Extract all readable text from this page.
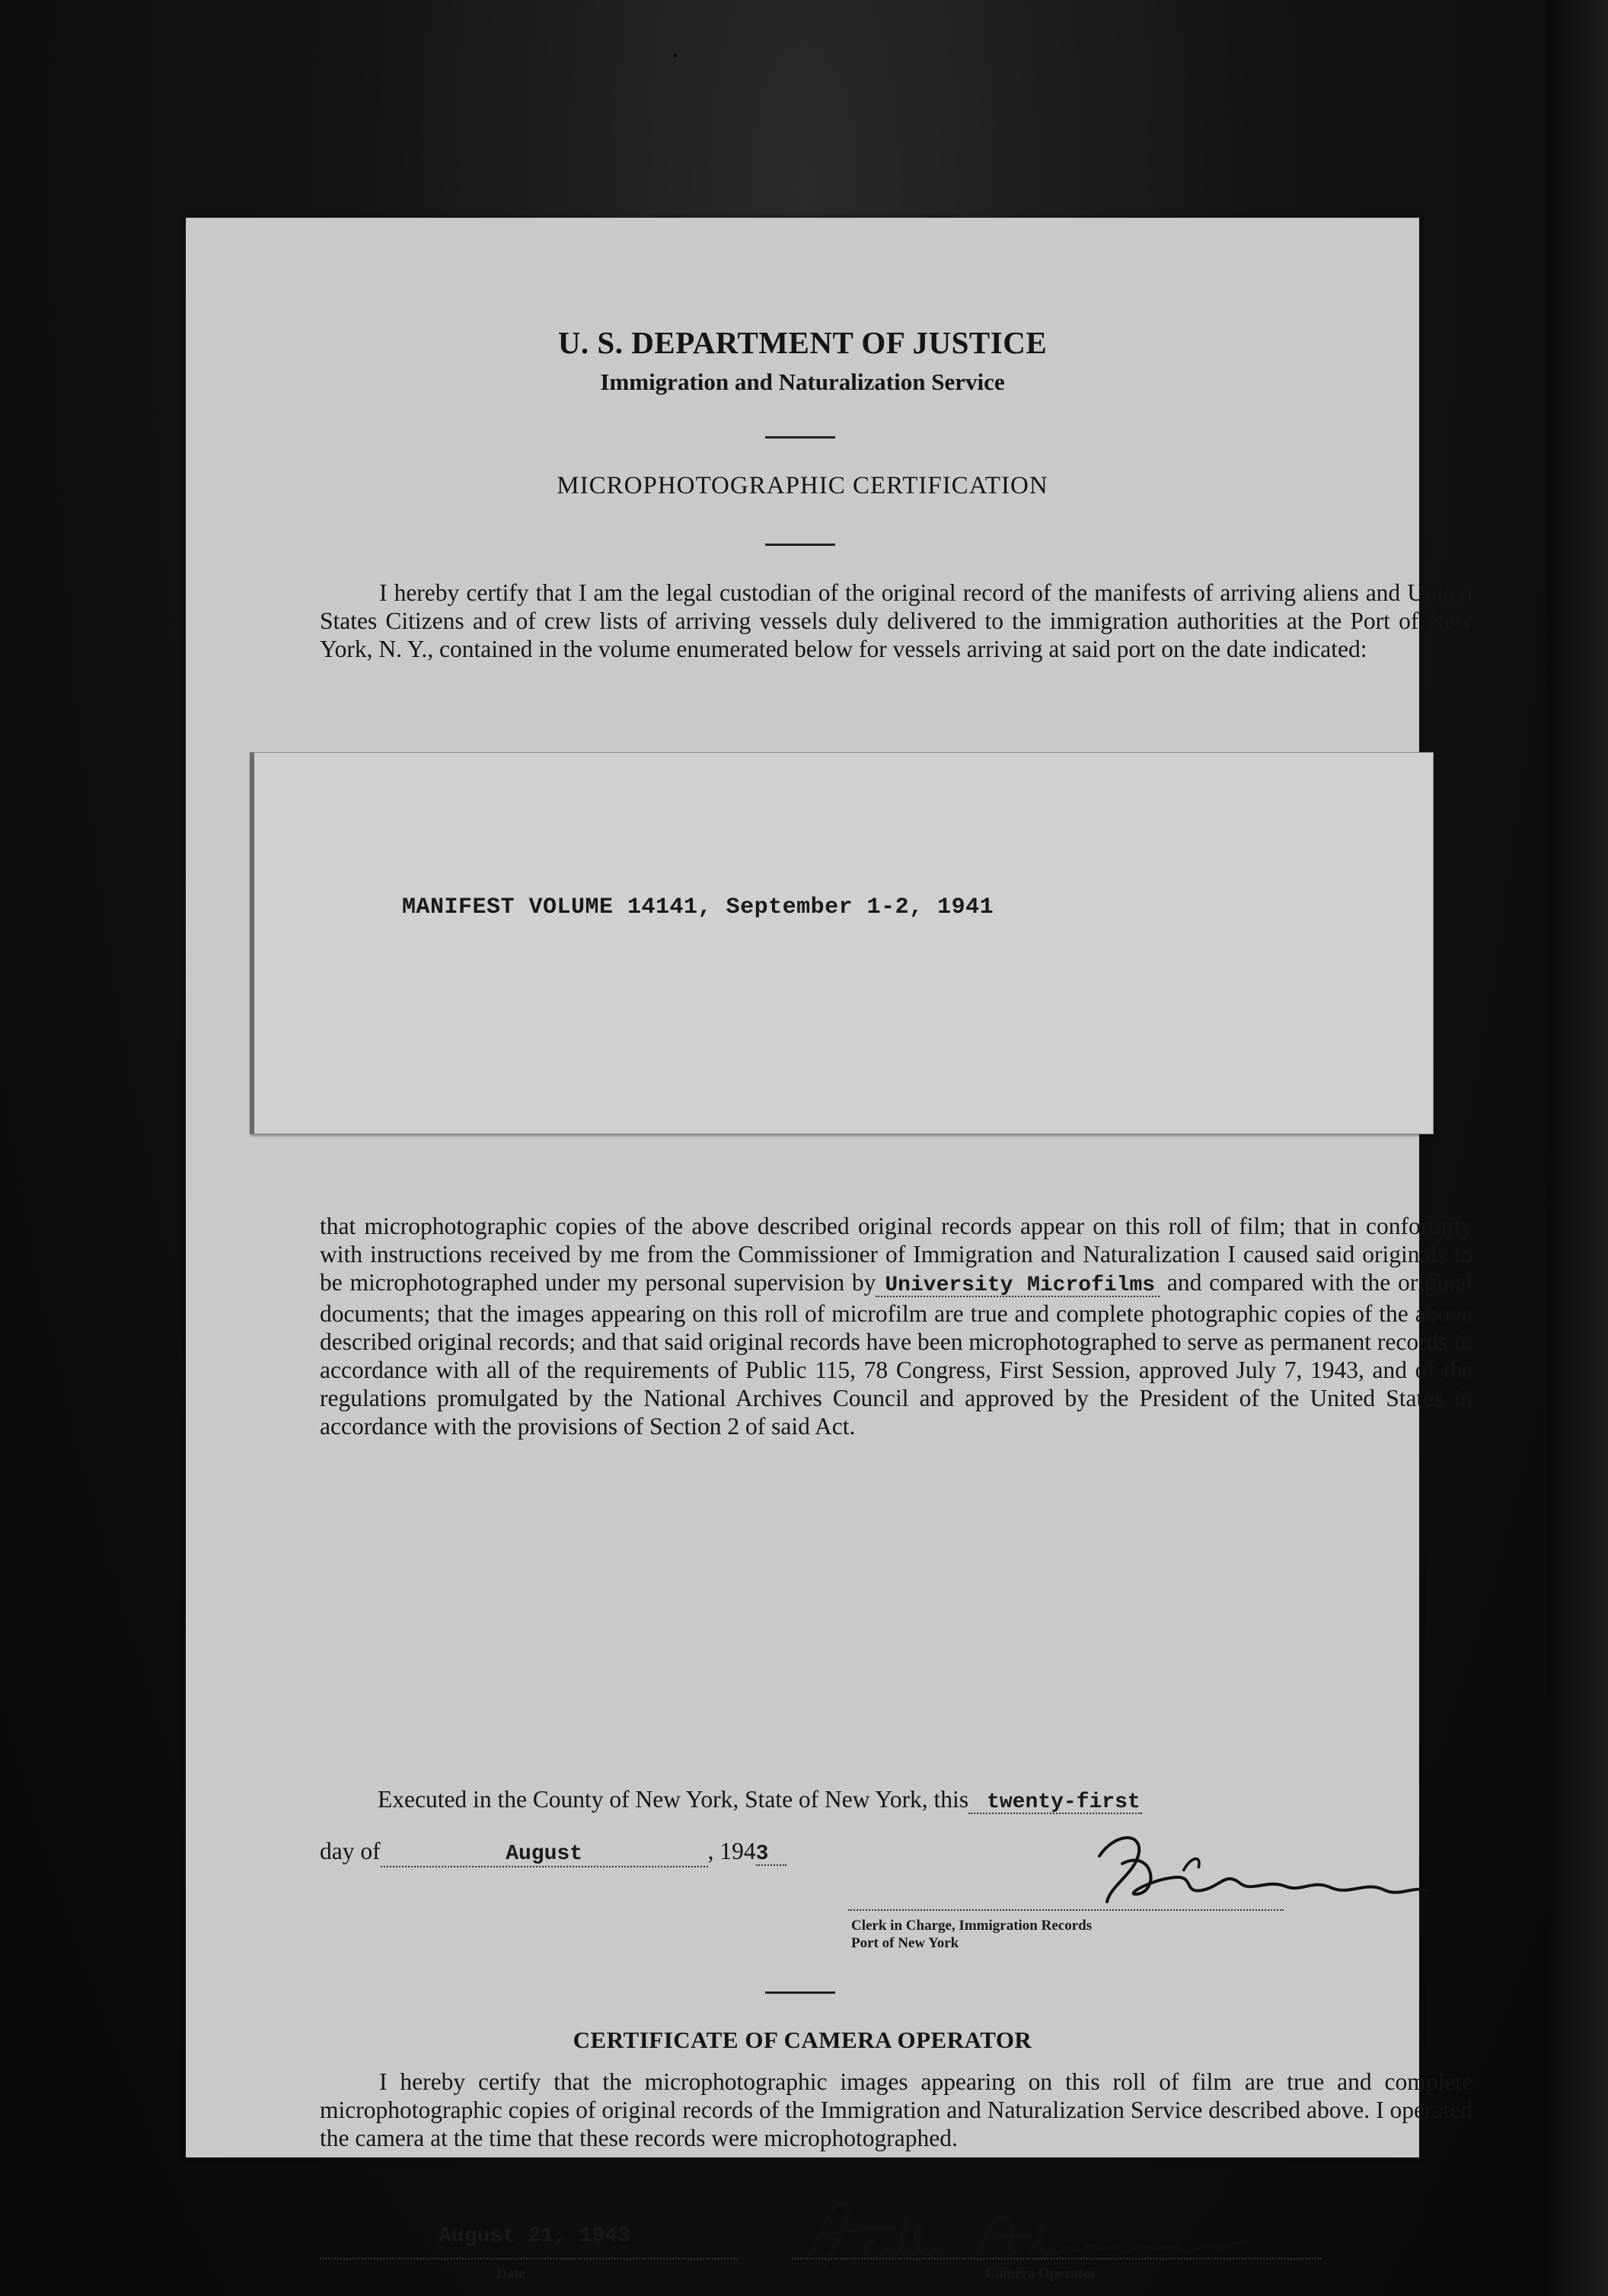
U. S. DEPARTMENT OF JUSTICE
Immigration and Naturalization Service
MICROPHOTOGRAPHIC CERTIFICATION

I hereby certify that I am the legal custodian of the original record of the manifests of arriving aliens and United States Citizens and of crew lists of arriving vessels duly delivered to the immigration authorities at the Port of New York, N. Y., contained in the volume enumerated below for vessels arriving at said port on the date indicated:

that microphotographic copies of the above described original records appear on this roll of film; that in conformity with instructions received by me from the Commissioner of Immigration and Naturalization I caused said originals to be microphotographed under my personal supervision by University Microfilms and compared with the original documents; that the images appearing on this roll of microfilm are true and complete photographic copies of the above described original records; and that said original records have been microphotographed to serve as permanent records in accordance with all of the requirements of Public 115, 78 Congress, First Session, approved July 7, 1943, and of the regulations promulgated by the National Archives Council and approved by the President of the United States in accordance with the provisions of Section 2 of said Act.

Executed in the County of New York, State of New York, this twenty-first
day of	August	, 1943
Clerk in Charge, Immigration Records
Port of New York
CERTIFICATE OF CAMERA OPERATOR

I hereby certify that the microphotographic images appearing on this roll of film are true and complete microphotographic copies of original records of the Immigration and Naturalization Service described above. I operated the camera at the time that these records were microphotographed.

August 21, 1943
Date	Camera Operator
MANIFEST VOLUME 14141, September 1-2, 1941
